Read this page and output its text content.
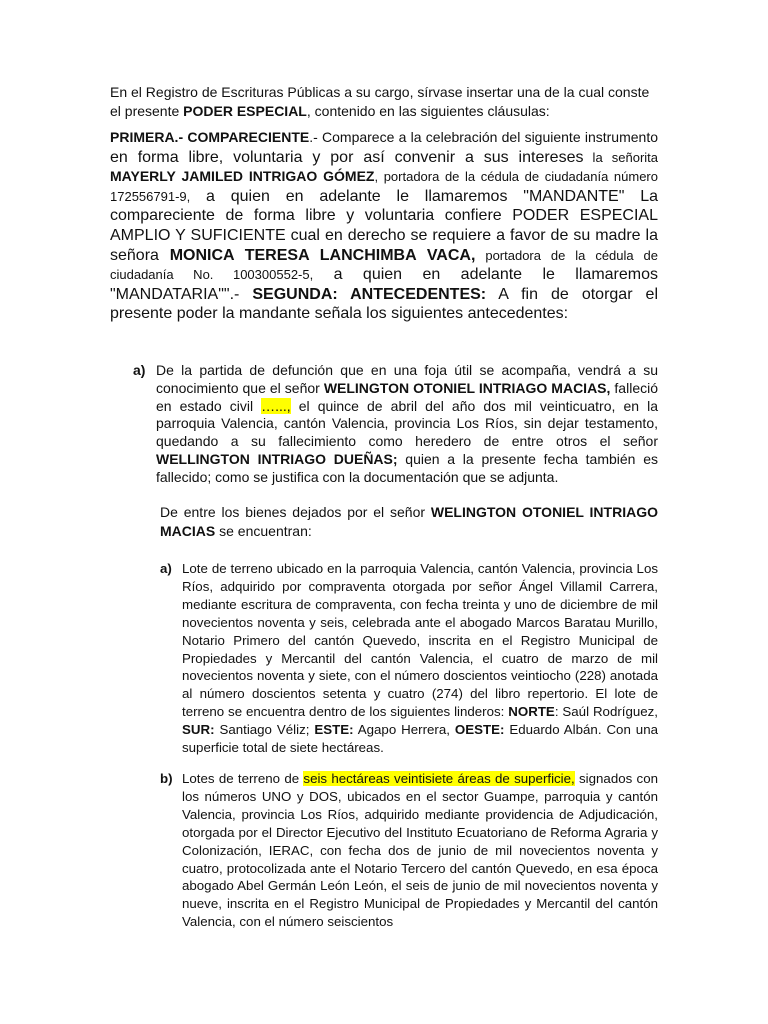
En el Registro de Escrituras Públicas a su cargo, sírvase insertar una de la cual conste el presente PODER ESPECIAL, contenido en las siguientes cláusulas:
PRIMERA.- COMPARECIENTE.- Comparece a la celebración del siguiente instrumento en forma libre, voluntaria y por así convenir a sus intereses la señorita MAYERLY JAMILED INTRIGAO GÓMEZ, portadora de la cédula de ciudadanía número 172556791-9, a quien en adelante le llamaremos "MANDANTE" La compareciente de forma libre y voluntaria confiere PODER ESPECIAL AMPLIO Y SUFICIENTE cual en derecho se requiere a favor de su madre la señora MONICA TERESA LANCHIMBA VACA, portadora de la cédula de ciudadanía No. 100300552-5, a quien en adelante le llamaremos "MANDATARIA"".- SEGUNDA: ANTECEDENTES: A fin de otorgar el presente poder la mandante señala los siguientes antecedentes:
a) De la partida de defunción que en una foja útil se acompaña, vendrá a su conocimiento que el señor WELINGTON OTONIEL INTRIAGO MACIAS, falleció en estado civil …..., el quince de abril del año dos mil veinticuatro, en la parroquia Valencia, cantón Valencia, provincia Los Ríos, sin dejar testamento, quedando a su fallecimiento como heredero de entre otros el señor WELLINGTON INTRIAGO DUEÑAS; quien a la presente fecha también es fallecido; como se justifica con la documentación que se adjunta.
De entre los bienes dejados por el señor WELINGTON OTONIEL INTRIAGO MACIAS se encuentran:
a) Lote de terreno ubicado en la parroquia Valencia, cantón Valencia, provincia Los Ríos, adquirido por compraventa otorgada por señor Ángel Villamil Carrera, mediante escritura de compraventa, con fecha treinta y uno de diciembre de mil novecientos noventa y seis, celebrada ante el abogado Marcos Baratau Murillo, Notario Primero del cantón Quevedo, inscrita en el Registro Municipal de Propiedades y Mercantil del cantón Valencia, el cuatro de marzo de mil novecientos noventa y siete, con el número doscientos veintiocho (228) anotada al número doscientos setenta y cuatro (274) del libro repertorio. El lote de terreno se encuentra dentro de los siguientes linderos: NORTE: Saúl Rodríguez, SUR: Santiago Véliz; ESTE: Agapo Herrera, OESTE: Eduardo Albán. Con una superficie total de siete hectáreas.
b) Lotes de terreno de seis hectáreas veintisiete áreas de superficie, signados con los números UNO y DOS, ubicados en el sector Guampe, parroquia y cantón Valencia, provincia Los Ríos, adquirido mediante providencia de Adjudicación, otorgada por el Director Ejecutivo del Instituto Ecuatoriano de Reforma Agraria y Colonización, IERAC, con fecha dos de junio de mil novecientos noventa y cuatro, protocolizada ante el Notario Tercero del cantón Quevedo, en esa época abogado Abel Germán León León, el seis de junio de mil novecientos noventa y nueve, inscrita en el Registro Municipal de Propiedades y Mercantil del cantón Valencia, con el número seiscientos
